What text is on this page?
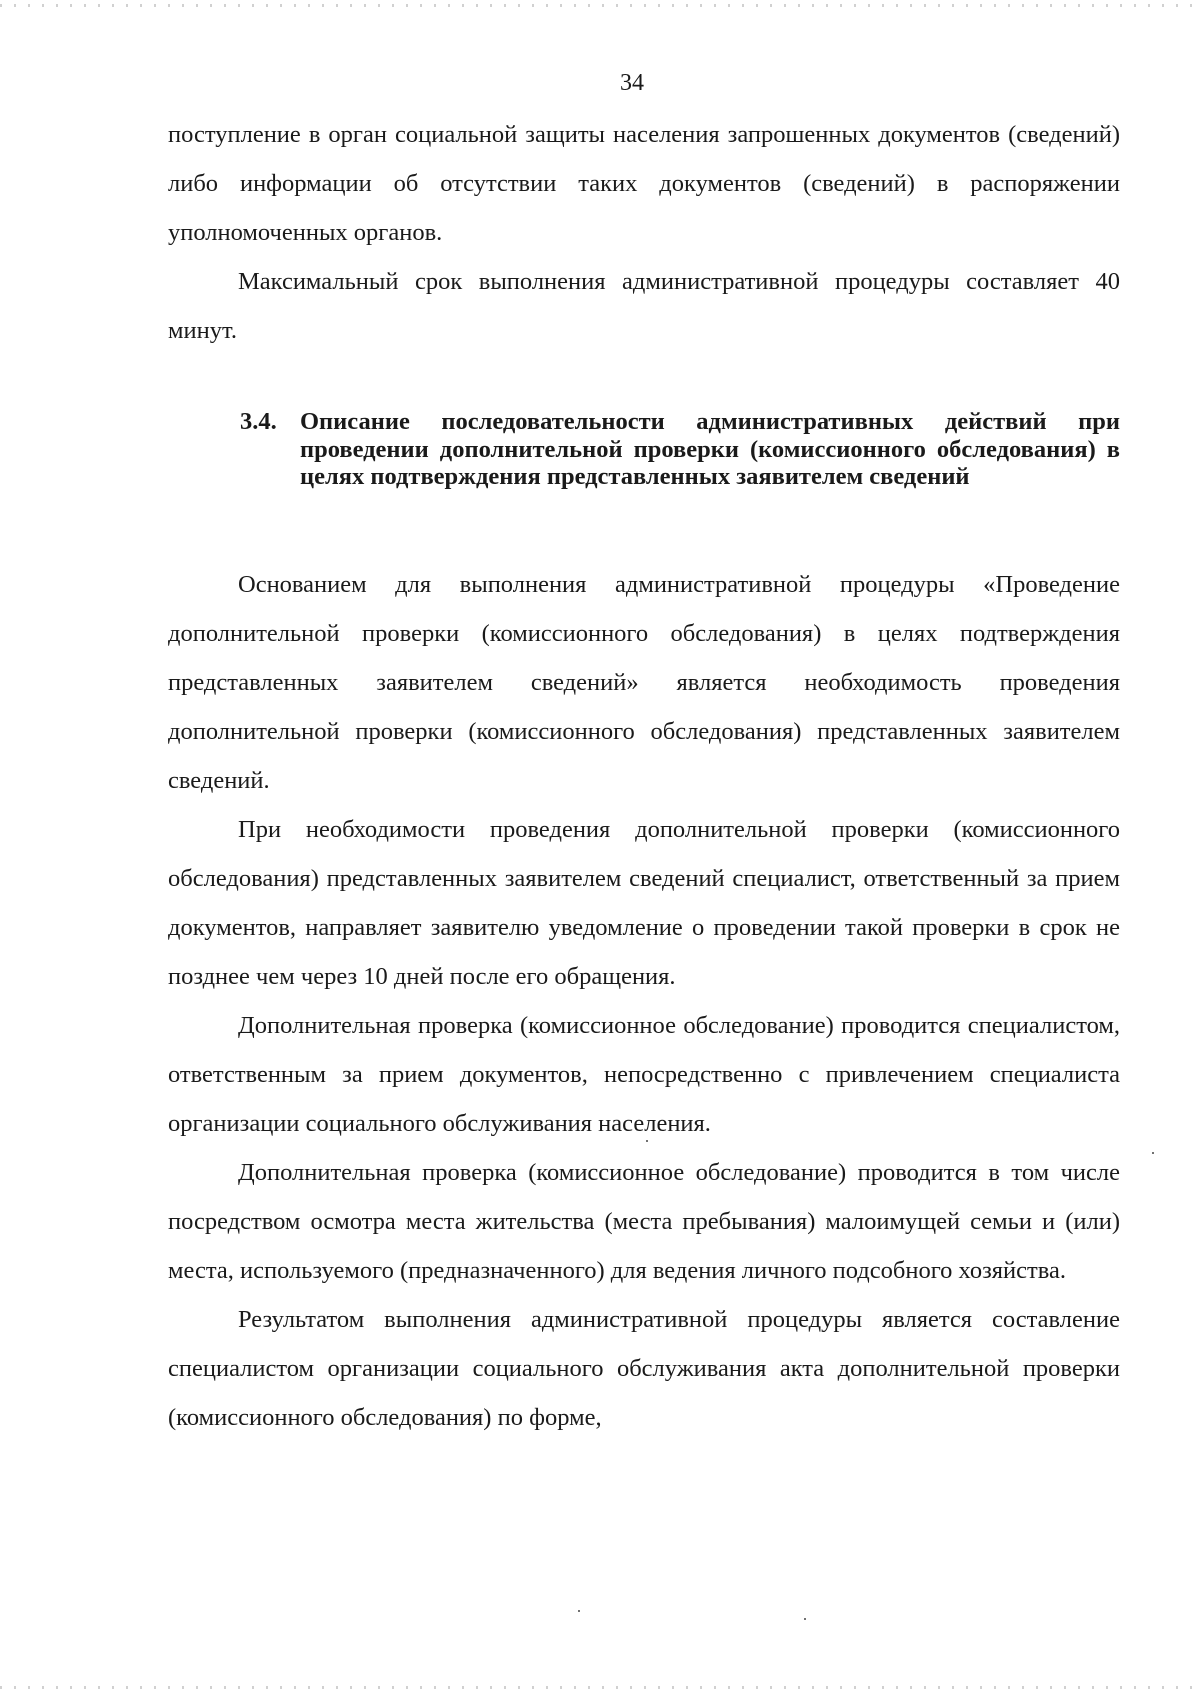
34

поступление в орган социальной защиты населения запрошенных документов (сведений) либо информации об отсутствии таких документов (сведений) в распоряжении уполномоченных органов.

Максимальный срок выполнения административной процедуры составляет 40 минут.

3.4. Описание последовательности административных действий при проведении дополнительной проверки (комиссионного обследования) в целях подтверждения представленных заявителем сведений

Основанием для выполнения административной процедуры «Проведение дополнительной проверки (комиссионного обследования) в целях подтверждения представленных заявителем сведений» является необходимость проведения дополнительной проверки (комиссионного обследования) представленных заявителем сведений.

При необходимости проведения дополнительной проверки (комиссионного обследования) представленных заявителем сведений специалист, ответственный за прием документов, направляет заявителю уведомление о проведении такой проверки в срок не позднее чем через 10 дней после его обращения.

Дополнительная проверка (комиссионное обследование) проводится специалистом, ответственным за прием документов, непосредственно с привлечением специалиста организации социального обслуживания населения.

Дополнительная проверка (комиссионное обследование) проводится в том числе посредством осмотра места жительства (места пребывания) малоимущей семьи и (или) места, используемого (предназначенного) для ведения личного подсобного хозяйства.

Результатом выполнения административной процедуры является составление специалистом организации социального обслуживания акта дополнительной проверки (комиссионного обследования) по форме,
